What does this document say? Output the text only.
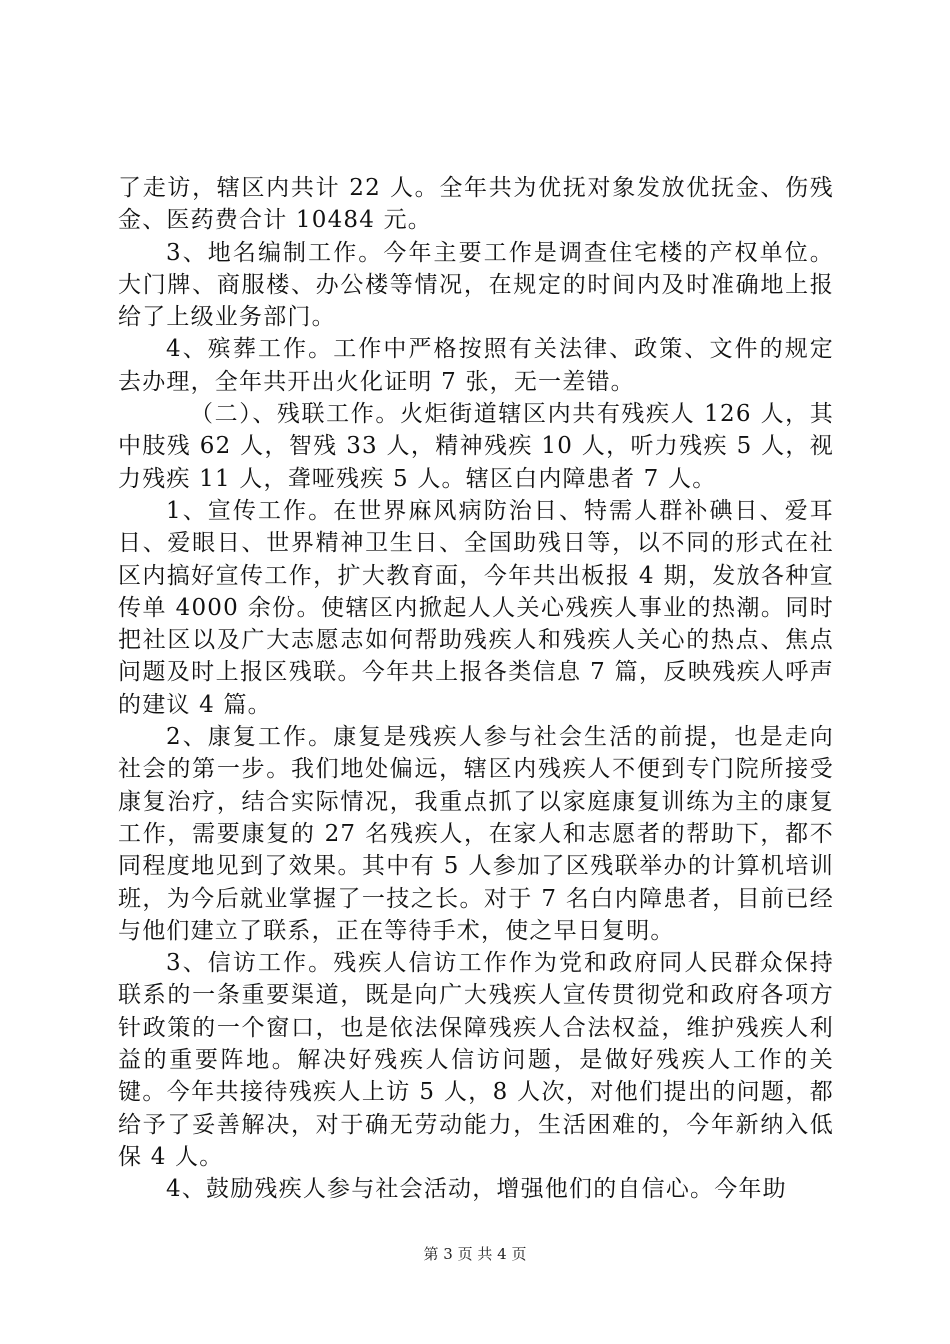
了走访，辖区内共计 22 人。全年共为优抚对象发放优抚金、伤残金、医药费合计 10484 元。

3、地名编制工作。今年主要工作是调查住宅楼的产权单位。大门牌、商服楼、办公楼等情况，在规定的时间内及时准确地上报给了上级业务部门。

4、殡葬工作。工作中严格按照有关法律、政策、文件的规定去办理，全年共开出火化证明 7 张，无一差错。

（二）、残联工作。火炬街道辖区内共有残疾人 126 人，其中肢残 62 人，智残 33 人，精神残疾 10 人，听力残疾 5 人，视力残疾 11 人，聋哑残疾 5 人。辖区白内障患者 7 人。

1、宣传工作。在世界麻风病防治日、特需人群补碘日、爱耳日、爱眼日、世界精神卫生日、全国助残日等，以不同的形式在社区内搞好宣传工作，扩大教育面，今年共出板报 4 期，发放各种宣传单 4000 余份。使辖区内掀起人人关心残疾人事业的热潮。同时把社区以及广大志愿志如何帮助残疾人和残疾人关心的热点、焦点问题及时上报区残联。今年共上报各类信息 7 篇，反映残疾人呼声的建议 4 篇。

2、康复工作。康复是残疾人参与社会生活的前提，也是走向社会的第一步。我们地处偏远，辖区内残疾人不便到专门院所接受康复治疗，结合实际情况，我重点抓了以家庭康复训练为主的康复工作，需要康复的 27 名残疾人，在家人和志愿者的帮助下，都不同程度地见到了效果。其中有 5 人参加了区残联举办的计算机培训班，为今后就业掌握了一技之长。对于 7 名白内障患者，目前已经与他们建立了联系，正在等待手术，使之早日复明。

3、信访工作。残疾人信访工作作为党和政府同人民群众保持联系的一条重要渠道，既是向广大残疾人宣传贯彻党和政府各项方针政策的一个窗口，也是依法保障残疾人合法权益，维护残疾人利益的重要阵地。解决好残疾人信访问题，是做好残疾人工作的关键。今年共接待残疾人上访 5 人，8 人次，对他们提出的问题，都给予了妥善解决，对于确无劳动能力，生活困难的，今年新纳入低保 4 人。

4、鼓励残疾人参与社会活动，增强他们的自信心。今年助

第 3 页 共 4 页
